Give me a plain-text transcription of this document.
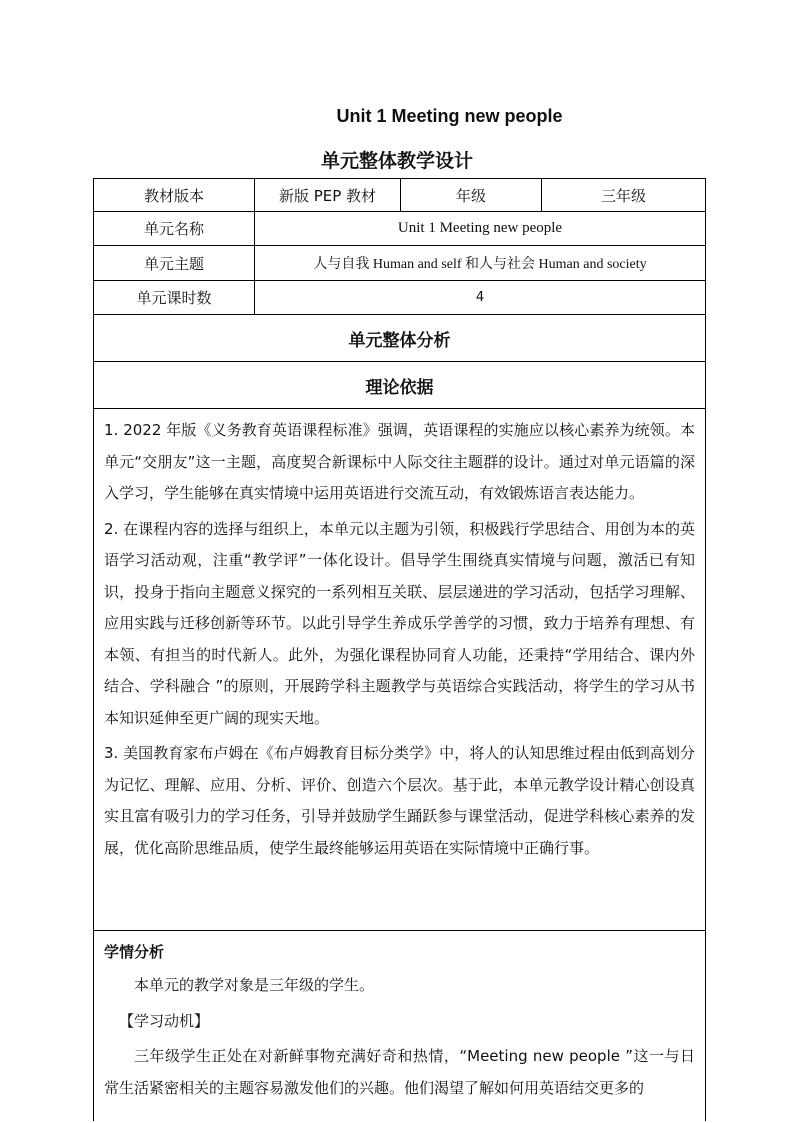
Unit 1 Meeting new people
单元整体教学设计
教材版本	新版 PEP 教材	年级	三年级
单元名称	Unit 1 Meeting new people
单元主题	人与自我 Human and self 和人与社会 Human and society
单元课时数	4
单元整体分析
理论依据

1. 2022 年版《义务教育英语课程标准》强调，英语课程的实施应以核心素养为统领。本单元“交朋友”这一主题，高度契合新课标中人际交往主题群的设计。通过对单元语篇的深入学习，学生能够在真实情境中运用英语进行交流互动，有效锻炼语言表达能力。

2. 在课程内容的选择与组织上，本单元以主题为引领，积极践行学思结合、用创为本的英语学习活动观，注重“教学评”一体化设计。倡导学生围绕真实情境与问题，激活已有知识，投身于指向主题意义探究的一系列相互关联、层层递进的学习活动，包括学习理解、应用实践与迁移创新等环节。以此引导学生养成乐学善学的习惯，致力于培养有理想、有本领、有担当的时代新人。此外，为强化课程协同育人功能，还秉持“学用结合、课内外结合、学科融合 ”的原则，开展跨学科主题教学与英语综合实践活动，将学生的学习从书本知识延伸至更广阔的现实天地。

3. 美国教育家布卢姆在《布卢姆教育目标分类学》中，将人的认知思维过程由低到高划分为记忆、理解、应用、分析、评价、创造六个层次。基于此，本单元教学设计精心创设真实且富有吸引力的学习任务，引导并鼓励学生踊跃参与课堂活动，促进学科核心素养的发展，优化高阶思维品质，使学生最终能够运用英语在实际情境中正确行事。

学情分析

本单元的教学对象是三年级的学生。

【学习动机】

三年级学生正处在对新鲜事物充满好奇和热情，“Meeting new people ”这一与日常生活紧密相关的主题容易激发他们的兴趣。他们渴望了解如何用英语结交更多的
